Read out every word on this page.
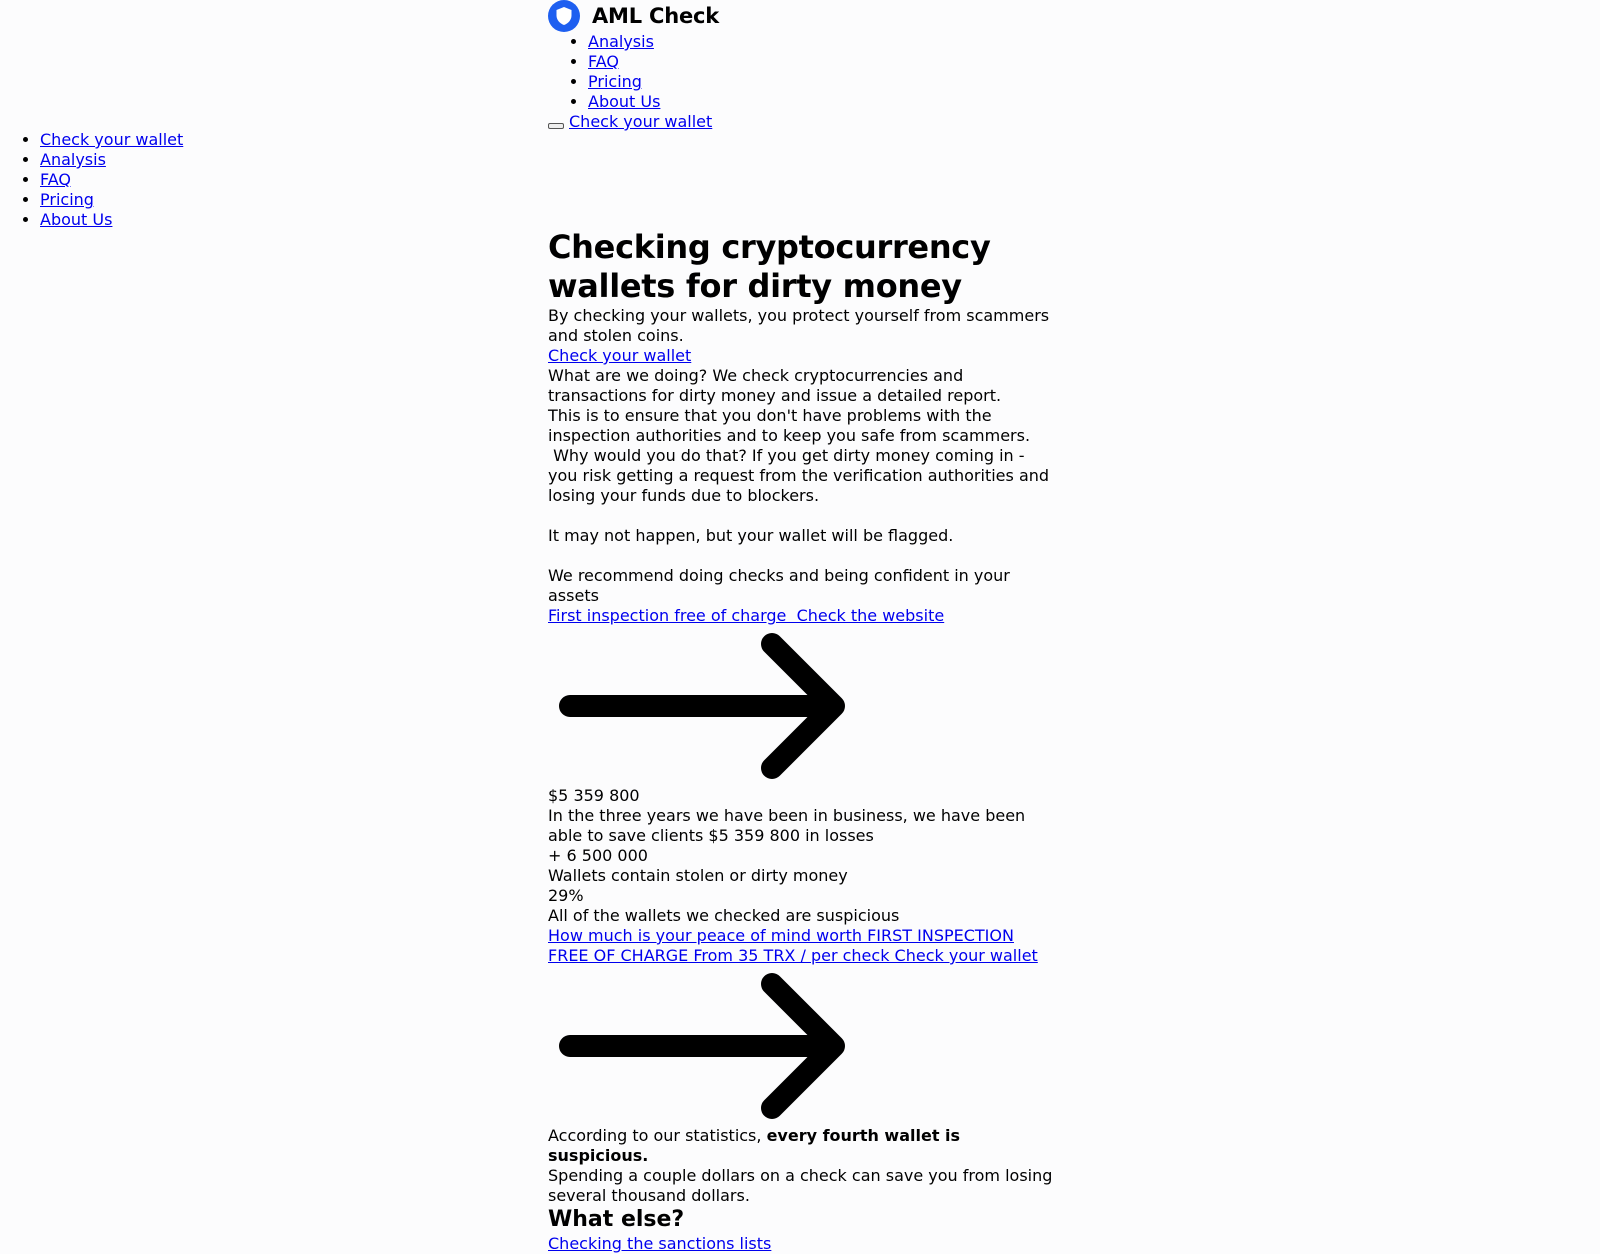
• Check your wallet
• Analysis
• FAQ
• Pricing
• About Us
AML Check
• Analysis
• FAQ
• Pricing
• About Us
Check your wallet
Checking cryptocurrency wallets for dirty money

By checking your wallets, you protect yourself from scammers and stolen coins.

Check your wallet

What are we doing? We check cryptocurrencies and transactions for dirty money and issue a detailed report.

This is to ensure that you don't have problems with the inspection authorities and to keep you safe from scammers.

Why would you do that? If you get dirty money coming in - you risk getting a request from the verification authorities and losing your funds due to blockers.

It may not happen, but your wallet will be flagged.

We recommend doing checks and being confident in your assets

First inspection free of charge  Check the website

$5 359 800

In the three years we have been in business, we have been able to save clients $5 359 800 in losses

+ 6 500 000

Wallets contain stolen or dirty money

29%

All of the wallets we checked are suspicious

How much is your peace of mind worth FIRST INSPECTION FREE OF CHARGE From 35 TRX / per check Check your wallet

According to our statistics, every fourth wallet is suspicious.

Spending a couple dollars on a check can save you from losing several thousand dollars.

What else?
Checking the sanctions lists
